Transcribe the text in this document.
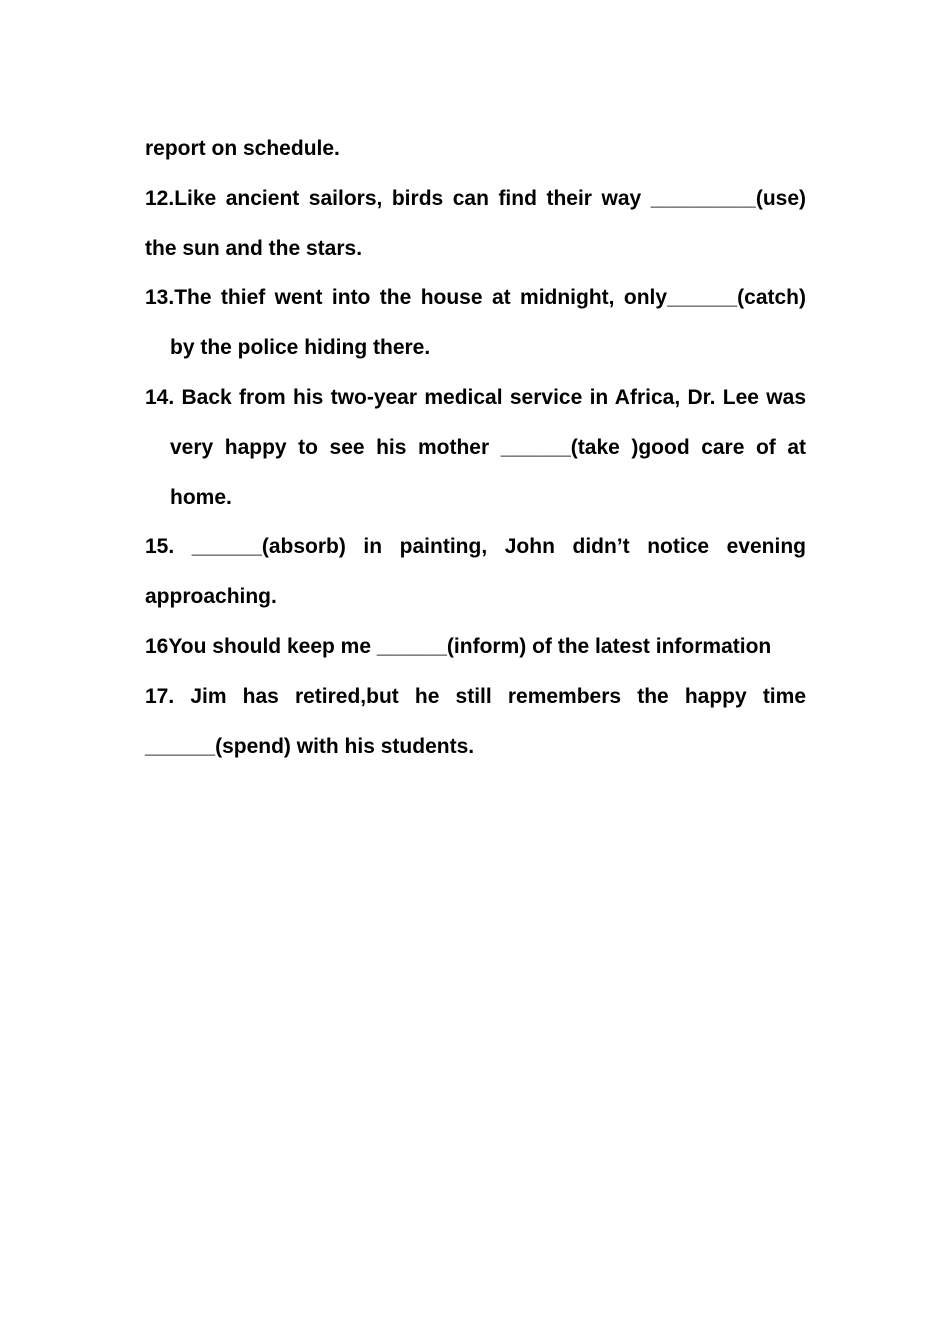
report on schedule.

12.Like ancient sailors, birds can find their way _________(use) the sun and the stars.

13.The thief went into the house at midnight, only______(catch) by the police hiding there.

14. Back from his two-year medical service in Africa, Dr. Lee was very happy to see his mother ______(take )good care of at home.

15. ______(absorb) in painting, John didn’t notice evening approaching.

16You should keep me ______(inform) of the latest information

17. Jim has retired,but he still remembers the happy time ______(spend) with his students.
